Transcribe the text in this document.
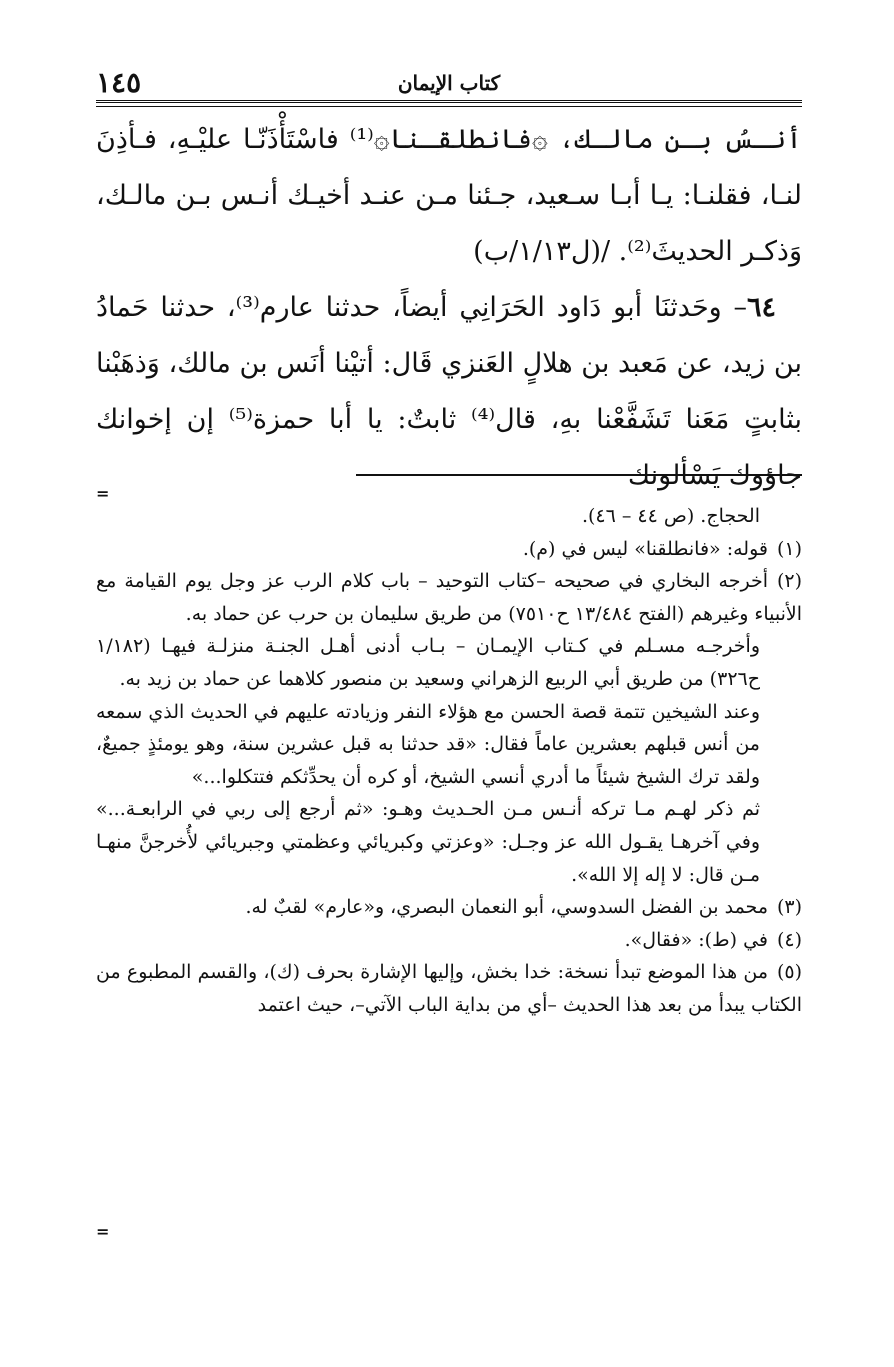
١٤٥	كتاب الإيمان

أنـسُ بـن مالـك، ۞فانطلقـنا۞⁽¹⁾ فاسْتَأْذَنّـا عليْـهِ، فـأذِنَ لنـا، فقلنـا: يـا أبـا سـعيد، جـئنا مـن عنـد أخيـك أنـس بـن مالـك، وَذكـر الحديثَ⁽²⁾. /(ل١/١٣/ب)

٦٤– وحَدثنَا أبو دَاود الحَرَانِي أيضاً، حدثنا عارم⁽³⁾، حدثنا حَمادُ بن زيد، عن مَعبد بن هلالٍ العَنزي قَال: أتيْنا أنَس بن مالك، وَذهَبْنا بثابتٍ مَعَنا تَشَفَّعْنا بهِ، قال⁽⁴⁾ ثابتٌ: يا أبا حمزة⁽⁵⁾ إن إخوانك جاؤوك يَسْألونك

=

الحجاج. (ص ٤٤ – ٤٦).

(١)قوله: «فانطلقنا» ليس في (م).

(٢)أخرجه البخاري في صحيحه –كتاب التوحيد – باب كلام الرب عز وجل يوم القيامة مع الأنبياء وغيرهم (الفتح ١٣/٤٨٤ ح٧٥١٠) من طريق سليمان بن حرب عن حماد به.

وأخرجـه مسـلم في كـتاب الإيمـان – بـاب أدنى أهـل الجنـة منزلـة فيهـا (١/١٨٢ ح٣٢٦) من طريق أبي الربيع الزهراني وسعيد بن منصور كلاهما عن حماد بن زيد به.

وعند الشيخين تتمة قصة الحسن مع هؤلاء النفر وزيادته عليهم في الحديث الذي سمعه من أنس قبلهم بعشرين عاماً فقال: «قد حدثنا به قبل عشرين سنة، وهو يومئذٍ جميعٌ، ولقد ترك الشيخ شيئاً ما أدري أنسي الشيخ، أو كره أن يحدِّثكم فتتكلوا...»

ثم ذكر لهـم مـا تركه أنـس مـن الحـديث وهـو: «ثم أرجع إلى ربي في الرابعـة...» وفي آخرهـا يقـول الله عز وجـل: «وعزتي وكبريائي وعظمتي وجبريائي لأُخرجنَّ منهـا مـن قال: لا إله إلا الله».

(٣)محمد بن الفضل السدوسي، أبو النعمان البصري، و«عارم» لقبٌ له.

(٤)في (ط): «فقال».

(٥)من هذا الموضع تبدأ نسخة: خدا بخش، وإليها الإشارة بحرف (ك)، والقسم المطبوع من الكتاب يبدأ من بعد هذا الحديث –أي من بداية الباب الآتي–، حيث اعتمد

=
